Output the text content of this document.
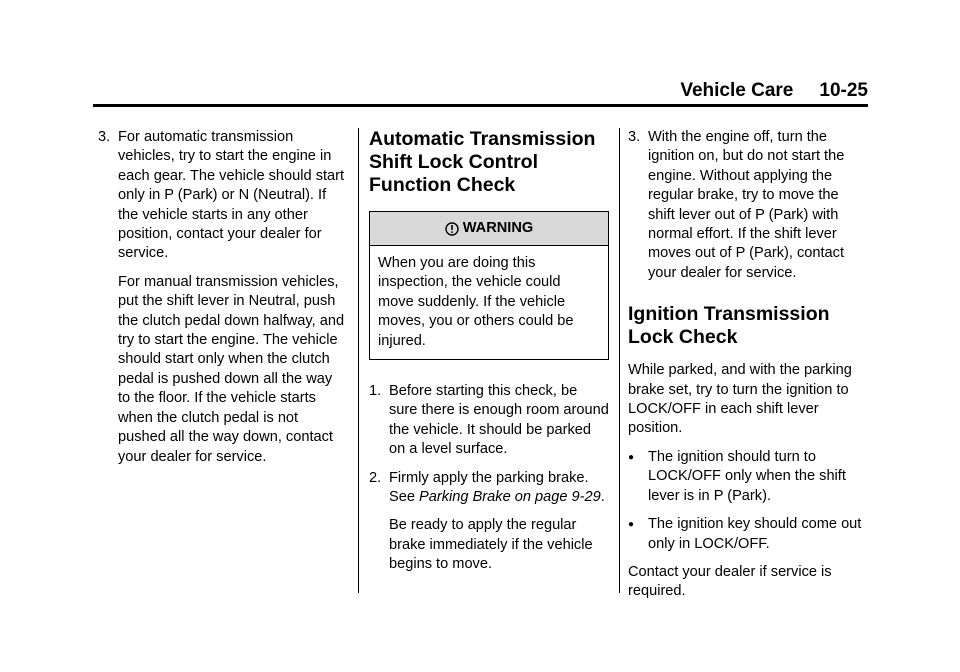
Vehicle Care 10-25
3. For automatic transmission vehicles, try to start the engine in each gear. The vehicle should start only in P (Park) or N (Neutral). If the vehicle starts in any other position, contact your dealer for service.
For manual transmission vehicles, put the shift lever in Neutral, push the clutch pedal down halfway, and try to start the engine. The vehicle should start only when the clutch pedal is pushed down all the way to the floor. If the vehicle starts when the clutch pedal is not pushed all the way down, contact your dealer for service.
Automatic Transmission Shift Lock Control Function Check
WARNING
When you are doing this inspection, the vehicle could move suddenly. If the vehicle moves, you or others could be injured.
1. Before starting this check, be sure there is enough room around the vehicle. It should be parked on a level surface.
2. Firmly apply the parking brake. See Parking Brake on page 9-29.
Be ready to apply the regular brake immediately if the vehicle begins to move.
3. With the engine off, turn the ignition on, but do not start the engine. Without applying the regular brake, try to move the shift lever out of P (Park) with normal effort. If the shift lever moves out of P (Park), contact your dealer for service.
Ignition Transmission Lock Check
While parked, and with the parking brake set, try to turn the ignition to LOCK/OFF in each shift lever position.
● The ignition should turn to LOCK/OFF only when the shift lever is in P (Park).
● The ignition key should come out only in LOCK/OFF.
Contact your dealer if service is required.
